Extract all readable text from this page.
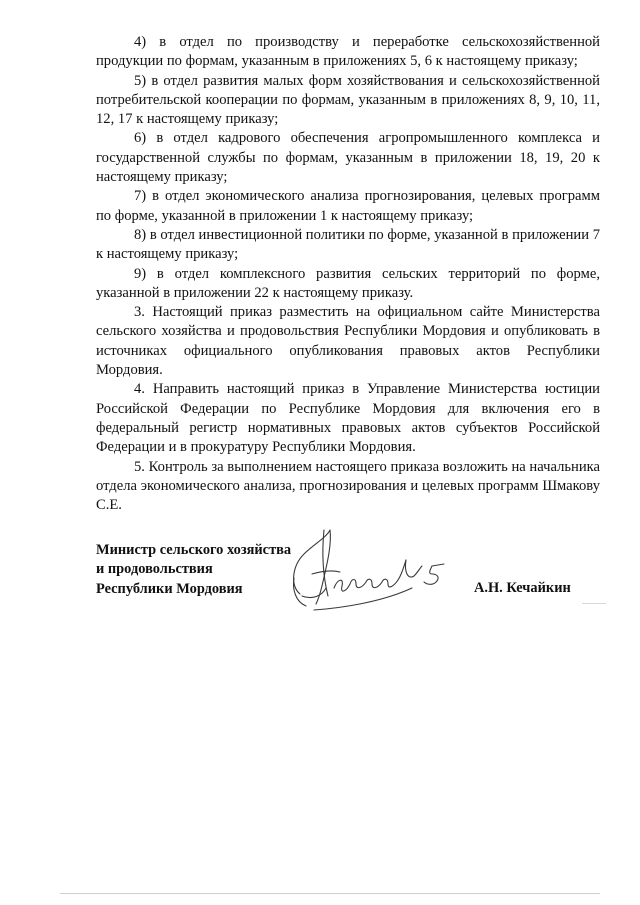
4) в отдел по производству и переработке сельскохозяйственной продукции по формам, указанным в приложениях 5, 6 к настоящему приказу;

5) в отдел развития малых форм хозяйствования и сельскохозяйственной потребительской кооперации по формам, указанным в приложениях 8, 9, 10, 11, 12, 17 к настоящему приказу;

6) в отдел кадрового обеспечения агропромышленного комплекса и государственной службы по формам, указанным в приложении 18, 19, 20 к настоящему приказу;

7) в отдел экономического анализа прогнозирования, целевых программ по форме, указанной в приложении 1 к настоящему приказу;

8) в отдел инвестиционной политики по форме, указанной в приложении 7 к настоящему приказу;

9) в отдел комплексного развития сельских территорий по форме, указанной в приложении 22 к настоящему приказу.

3. Настоящий приказ разместить на официальном сайте Министерства сельского хозяйства и продовольствия Республики Мордовия и опубликовать в источниках официального опубликования правовых актов Республики Мордовия.

4. Направить настоящий приказ в Управление Министерства юстиции Российской Федерации по Республике Мордовия для включения его в федеральный регистр нормативных правовых актов субъектов Российской Федерации и в прокуратуру Республики Мордовия.

5. Контроль за выполнением настоящего приказа возложить на начальника отдела экономического анализа, прогнозирования и целевых программ Шмакову С.Е.

Министр сельского хозяйства
и продовольствия
Республики Мордовия	А.Н. Кечайкин
